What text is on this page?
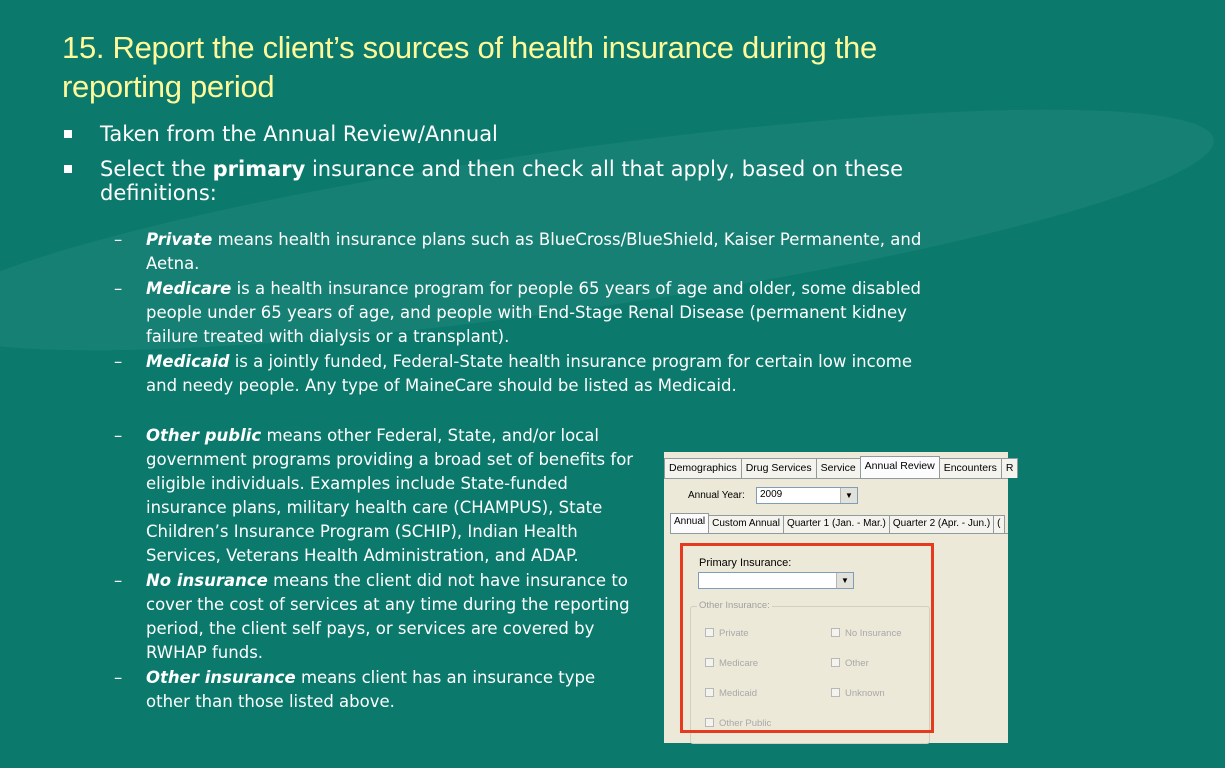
15. Report the client’s sources of health insurance during the reporting period
Taken from the Annual Review/Annual
Select the primary insurance and then check all that apply, based on these definitions:
– Private means health insurance plans such as BlueCross/BlueShield, Kaiser Permanente, and Aetna.
– Medicare is a health insurance program for people 65 years of age and older, some disabled people under 65 years of age, and people with End-Stage Renal Disease (permanent kidney failure treated with dialysis or a transplant).
– Medicaid is a jointly funded, Federal-State health insurance program for certain low income and needy people. Any type of MaineCare should be listed as Medicaid.
– Other public means other Federal, State, and/or local government programs providing a broad set of benefits for eligible individuals. Examples include State-funded insurance plans, military health care (CHAMPUS), State Children’s Insurance Program (SCHIP), Indian Health Services, Veterans Health Administration, and ADAP.
– No insurance means the client did not have insurance to cover the cost of services at any time during the reporting period, the client self pays, or services are covered by RWHAP funds.
– Other insurance means client has an insurance type other than those listed above.
Demographics Drug Services Service Annual Review Encounters R
Annual Year: 2009	▼
Annual Custom Annual Quarter 1 (Jan. - Mar.) Quarter 2 (Apr. - Jun.) (
Primary Insurance:
▼
Other Insurance:
Private	No Insurance
Medicare	Other
Medicaid	Unknown
Other Public
